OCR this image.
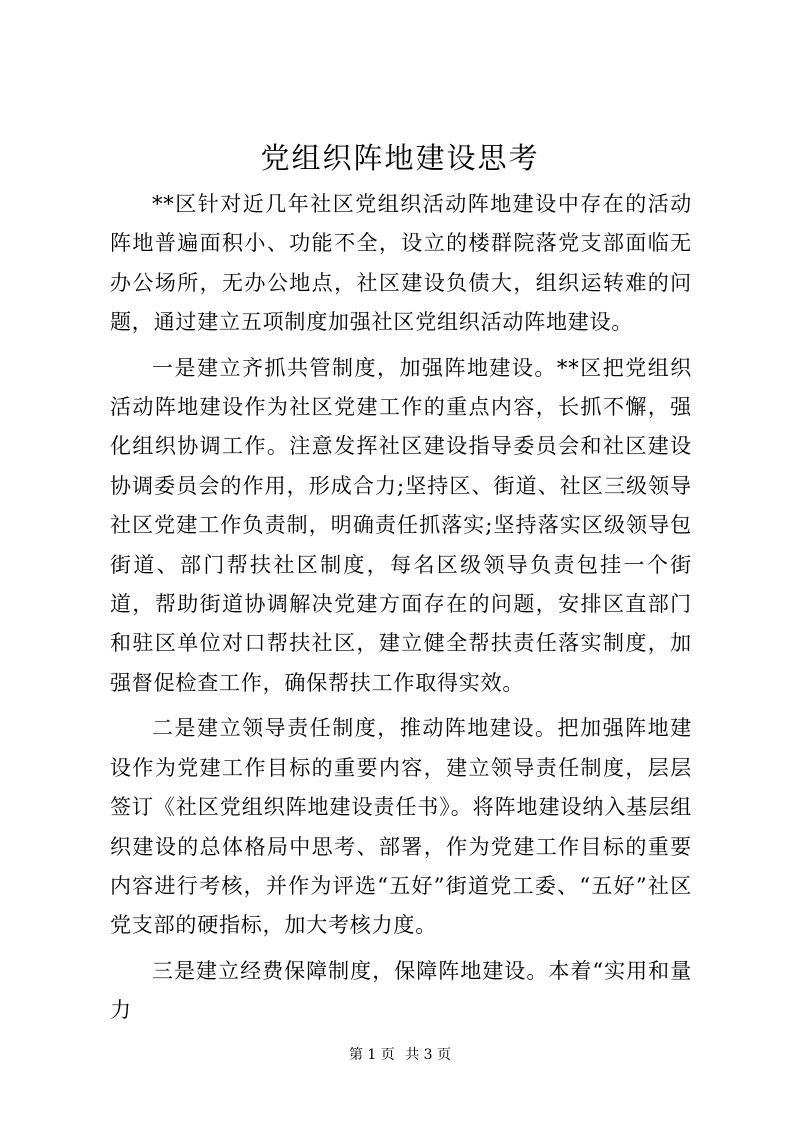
党组织阵地建设思考

**区针对近几年社区党组织活动阵地建设中存在的活动阵地普遍面积小、功能不全，设立的楼群院落党支部面临无办公场所，无办公地点，社区建设负债大，组织运转难的问题，通过建立五项制度加强社区党组织活动阵地建设。

一是建立齐抓共管制度，加强阵地建设。**区把党组织活动阵地建设作为社区党建工作的重点内容，长抓不懈，强化组织协调工作。注意发挥社区建设指导委员会和社区建设协调委员会的作用，形成合力;坚持区、街道、社区三级领导社区党建工作负责制，明确责任抓落实;坚持落实区级领导包街道、部门帮扶社区制度，每名区级领导负责包挂一个街道，帮助街道协调解决党建方面存在的问题，安排区直部门和驻区单位对口帮扶社区，建立健全帮扶责任落实制度，加强督促检查工作，确保帮扶工作取得实效。

二是建立领导责任制度，推动阵地建设。把加强阵地建设作为党建工作目标的重要内容，建立领导责任制度，层层签订《社区党组织阵地建设责任书》。将阵地建设纳入基层组织建设的总体格局中思考、部署，作为党建工作目标的重要内容进行考核，并作为评选“五好”街道党工委、“五好”社区党支部的硬指标，加大考核力度。

三是建立经费保障制度，保障阵地建设。本着“实用和量力

第 1 页 共 3 页
